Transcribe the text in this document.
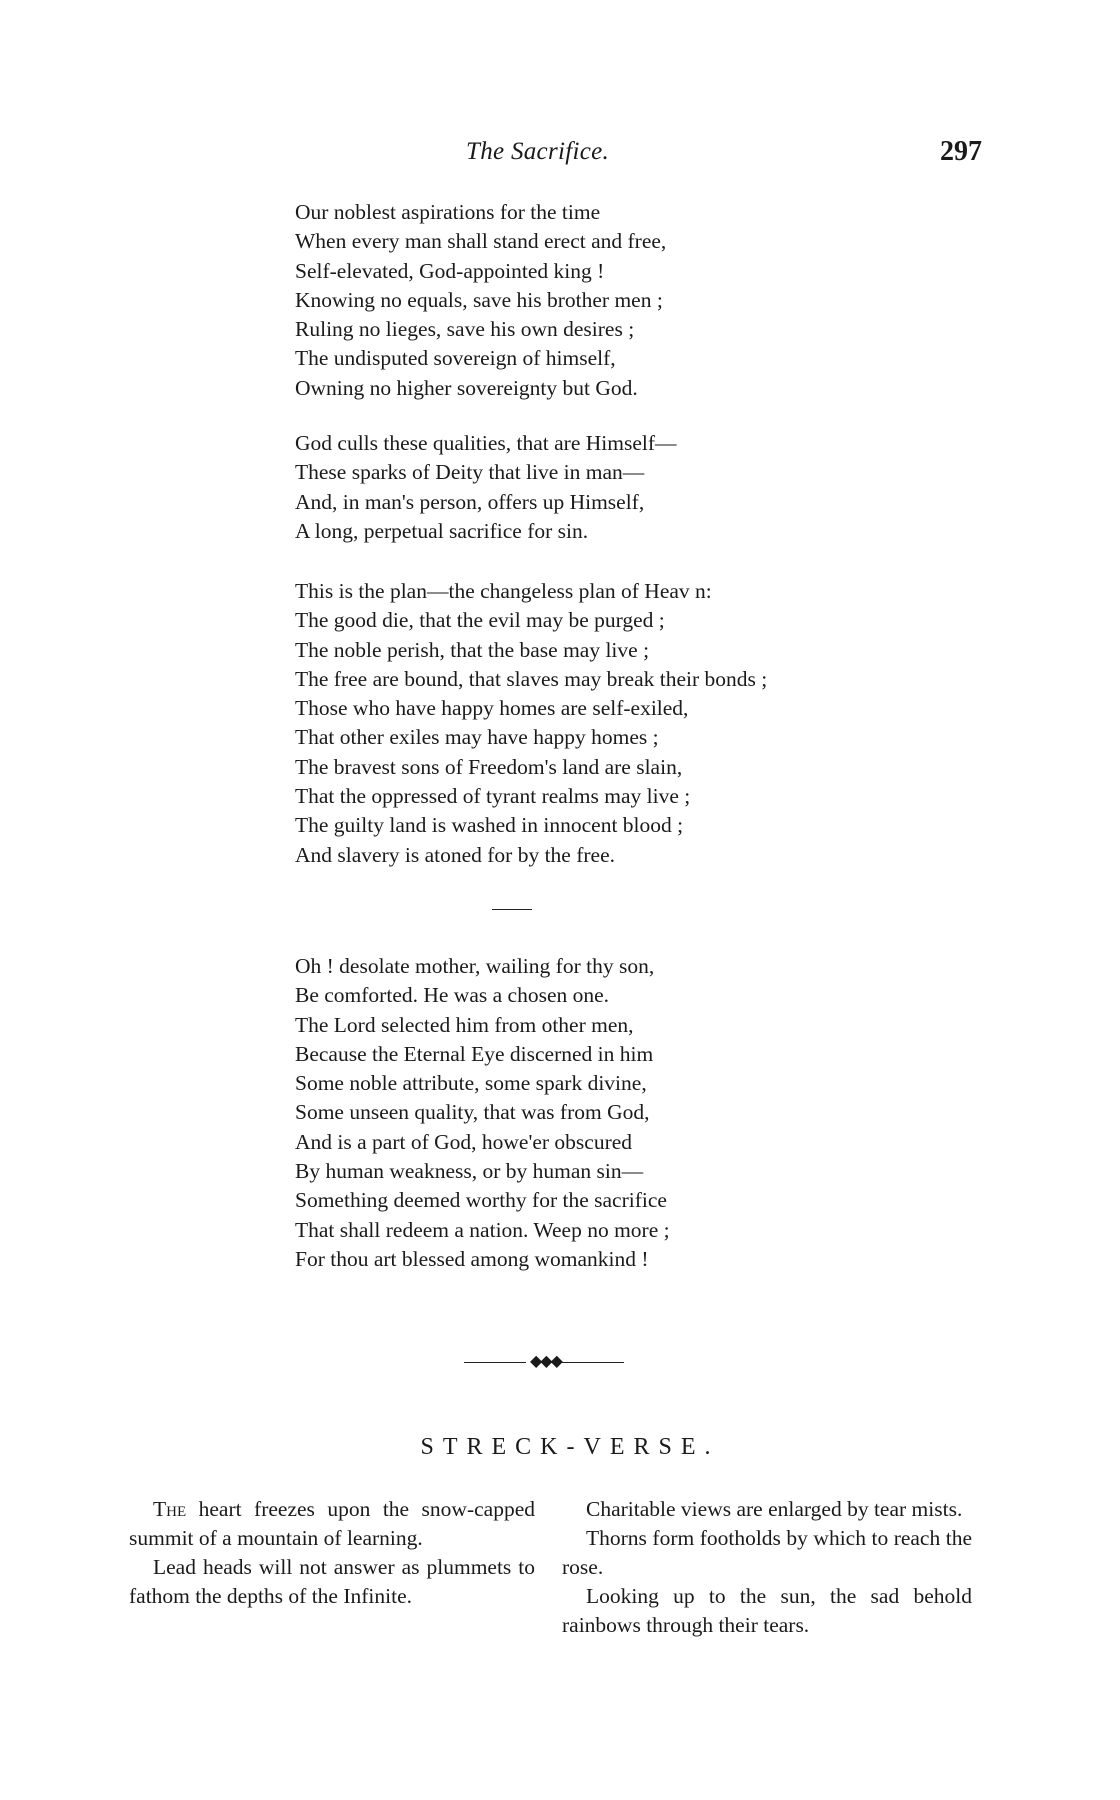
The Sacrifice.	297
Our noblest aspirations for the time
When every man shall stand erect and free,
Self-elevated, God-appointed king !
Knowing no equals, save his brother men ;
Ruling no lieges, save his own desires ;
The undisputed sovereign of himself,
Owning no higher sovereignty but God.
God culls these qualities, that are Himself—
These sparks of Deity that live in man—
And, in man's person, offers up Himself,
A long, perpetual sacrifice for sin.
This is the plan—the changeless plan of Heav n:
The good die, that the evil may be purged ;
The noble perish, that the base may live ;
The free are bound, that slaves may break their bonds ;
Those who have happy homes are self-exiled,
That other exiles may have happy homes ;
The bravest sons of Freedom's land are slain,
That the oppressed of tyrant realms may live ;
The guilty land is washed in innocent blood ;
And slavery is atoned for by the free.
Oh ! desolate mother, wailing for thy son,
Be comforted. He was a chosen one.
The Lord selected him from other men,
Because the Eternal Eye discerned in him
Some noble attribute, some spark divine,
Some unseen quality, that was from God,
And is a part of God, howe'er obscured
By human weakness, or by human sin—
Something deemed worthy for the sacrifice
That shall redeem a nation. Weep no more ;
For thou art blessed among womankind !
◆◆◆
STRECK-VERSE.

The heart freezes upon the snow-capped summit of a mountain of learning.

Lead heads will not answer as plummets to fathom the depths of the Infinite.

Charitable views are enlarged by tear mists.

Thorns form footholds by which to reach the rose.

Looking up to the sun, the sad behold rainbows through their tears.
